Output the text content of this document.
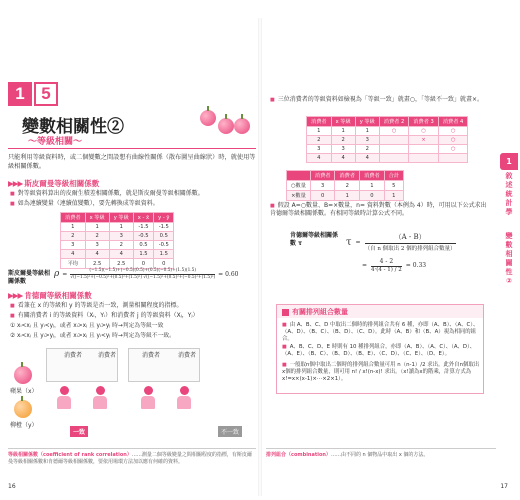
1 5
變數相關性②
〜等級相關〜
只能利用等級資料時，或二個變數之間設想有曲線性關係（散布圖呈曲線狀）時，就使用等級相關係數。
▶▶▶ 斯皮爾曼等級相關係數
■ 對等級資料算出的皮爾生積差相關係數，就是斯皮爾曼等級相關係數。
■ 如為連續變量（連續值變數），要先轉換成等級資料。
消費者	x 等級	y 等級	x - x̄	y - ȳ
1	1	1	-1.5	-1.5
2	2	3	-0.5	0.5
3	3	2	0.5	-0.5
4	4	4	1.5	1.5
平均	2.5	2.5	0	0
斯皮爾曼等級相關係數
ρ =	(−1.5)(−1.5)+(−0.5)(0.5)+(0.5)(−0.5)+(1.5)(1.5)
√((−1.5)²+(−0.5)²+(0.5)²+(1.5)²) √((−1.5)²+(0.5)²+(−0.5)²+(1.5)²) = 0.60
▶▶▶ 肯德爾等級相關係數
■ 看兼在 x 的等級和 y 的等級是否一致，測量相關程度的指標。
■ 有關消費者 i 的等級資料（Xᵢ，Yᵢ）和消費者 j 的等級資料（Xⱼ，Yⱼ）
① xᵢ<xⱼ 且 yᵢ<yⱼ，或者 xᵢ>xⱼ 且 yᵢ>yⱼ 時→判定為等級一致
② xᵢ<xⱼ 且 yᵢ>yⱼ，或者 xᵢ>xⱼ 且 yᵢ<yⱼ 時→判定為等級不一致。
消費者	消費者	消費者	消費者
蘋果（x）
柳橙（y）
一致	不一致
等級相關係數（coefficient of rank correlation）……測量二個等級變量之間相關程度的指標，有斯皮爾曼等級相關係數和肯德爾等級相關係數，要依用場環方法加以應有何確的資料。
16
■ 三位消費者的等級資料如檢視為「等級一致」就畫○，「等級不一致」就畫×。
消費者	x 等級	y 等級	消費者 2	消費者 3	消費者 4
1	1	1	○	○	○
2	2	3		×	○
3	3	2			○
4	4	4			
	消費者	消費者	消費者	合計
○數量	3	2	1	5
×數量	0	1	0	1
■ 假設 A=○數量、B=×數量，n= 資料對數（本例為 4）時，可用以下公式求出肯德爾等級相關係數。有相同等級時計算公式不同。
肯德爾等級相關係數 τ	τ =
（A - B）
（自 n 個取出 2 個的排列組合數量）
= $\frac{4 - 2}{4\cdot(4 - 1) / 2} = 0.33$
有關排列組合數量
■ 由 A、B、C、D 中取出二個時的排列組合共有 6 種，亦即（A、B）、（A、C）、（A、D）、（B、C）、（B、D）、（C、D）。此時（A、B）和（B、A）視為相同的組合。
■ A、B、C、D、E 時則有 10 種排列組合，亦即（A、B）、（A、C）、（A、D）、（A、E）、（B、C）、（B、D）、（B、E）、（C、D）、（C、E）、（D、E）。
■ 一般取n個中取出二個時的排列組合數量可用 n（n-1）/2 求出。此外自n個取出x個的排列組合數量，則可用 n! / x!(n-x)! 求出。（x!讀為x的階乘，計算方式為 x!=x×(x-1)×⋯×2×1）。
排列組合（combination）……由不同的 n 個物品中取出 x 個的方法。
17
1
敘述統計學
變數相關性②
